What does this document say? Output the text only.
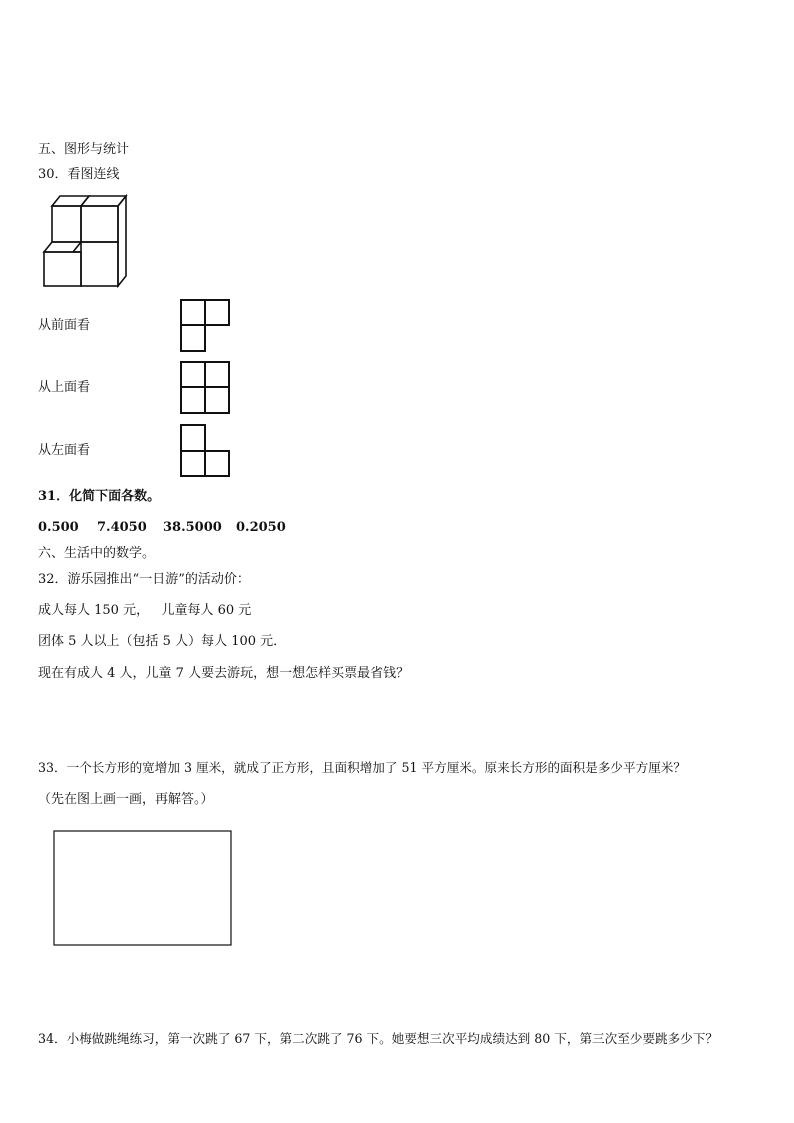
五、图形与统计
30．看图连线
从前面看
从上面看
从左面看
31．化简下面各数。
0.500 7.4050 38.5000 0.2050
六、生活中的数学。
32．游乐园推出“一日游”的活动价：
成人每人 150 元，   儿童每人 60 元
团体 5 人以上（包括 5 人）每人 100 元．
现在有成人 4 人，儿童 7 人要去游玩，想一想怎样买票最省钱？
33．一个长方形的宽增加 3 厘米，就成了正方形，且面积增加了 51 平方厘米。原来长方形的面积是多少平方厘米？
（先在图上画一画，再解答。）
34．小梅做跳绳练习，第一次跳了 67 下，第二次跳了 76 下。她要想三次平均成绩达到 80 下，第三次至少要跳多少下？
